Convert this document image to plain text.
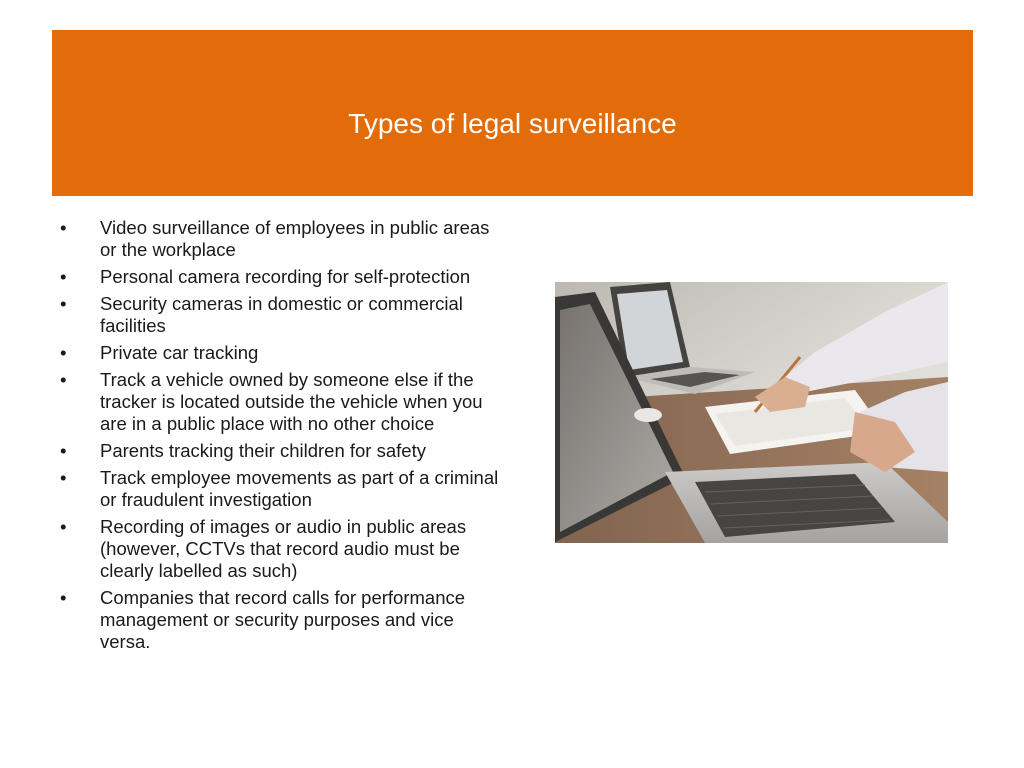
Types of legal surveillance
•	Video surveillance of employees in public areas or the workplace
•	Personal camera recording for self-protection
•	Security cameras in domestic or commercial facilities
•	Private car tracking
•	Track a vehicle owned by someone else if the tracker is located outside the vehicle when you are in a public place with no other choice
•	Parents tracking their children for safety
•	Track employee movements as part of a criminal or fraudulent investigation
•	Recording of images or audio in public areas (however, CCTVs that record audio must be clearly labelled as such)
•	Companies that record calls for performance management or security purposes and vice versa.
